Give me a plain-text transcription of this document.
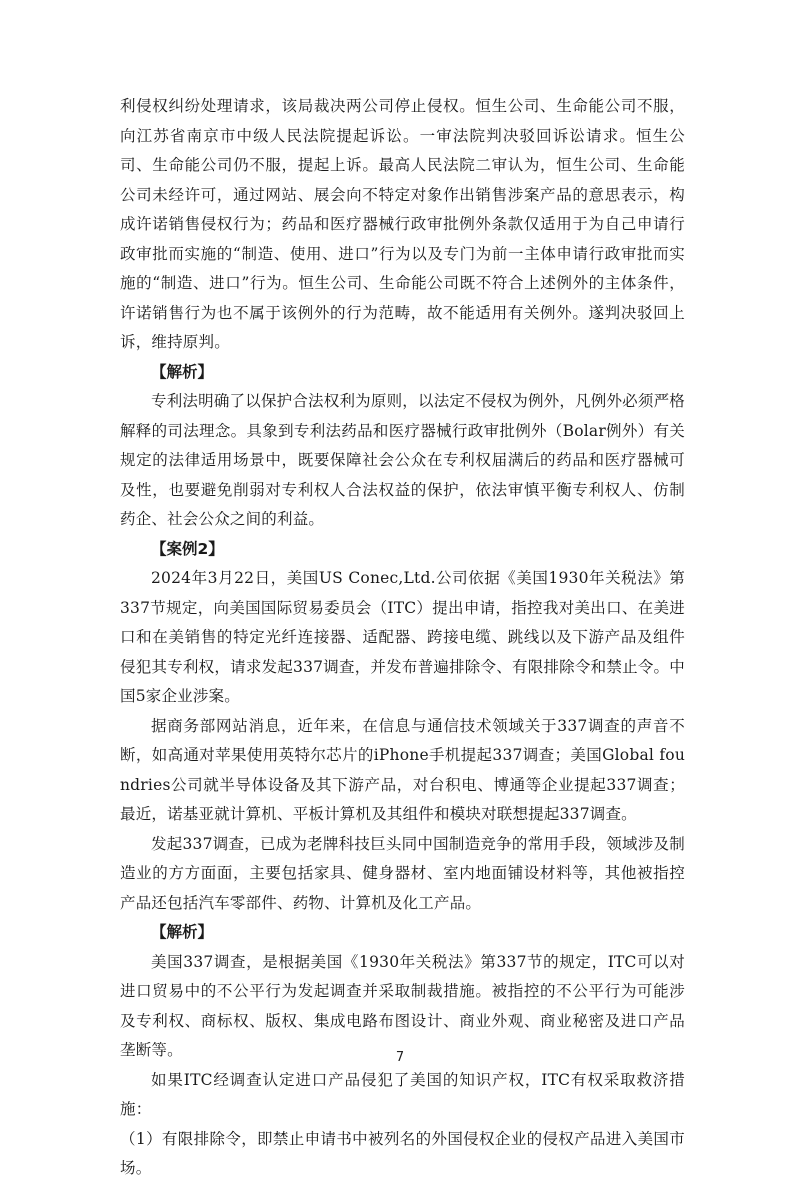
利侵权纠纷处理请求，该局裁决两公司停止侵权。恒生公司、生命能公司不服，向江苏省南京市中级人民法院提起诉讼。一审法院判决驳回诉讼请求。恒生公司、生命能公司仍不服，提起上诉。最高人民法院二审认为，恒生公司、生命能公司未经许可，通过网站、展会向不特定对象作出销售涉案产品的意思表示，构成许诺销售侵权行为；药品和医疗器械行政审批例外条款仅适用于为自己申请行政审批而实施的“制造、使用、进口”行为以及专门为前一主体申请行政审批而实施的“制造、进口”行为。恒生公司、生命能公司既不符合上述例外的主体条件，许诺销售行为也不属于该例外的行为范畴，故不能适用有关例外。遂判决驳回上诉，维持原判。

【解析】

专利法明确了以保护合法权利为原则，以法定不侵权为例外，凡例外必须严格解释的司法理念。具象到专利法药品和医疗器械行政审批例外（Bolar例外）有关规定的法律适用场景中，既要保障社会公众在专利权届满后的药品和医疗器械可及性，也要避免削弱对专利权人合法权益的保护，依法审慎平衡专利权人、仿制药企、社会公众之间的利益。

【案例2】

2024年3月22日，美国US Conec,Ltd.公司依据《美国1930年关税法》第337节规定，向美国国际贸易委员会（ITC）提出申请，指控我对美出口、在美进口和在美销售的特定光纤连接器、适配器、跨接电缆、跳线以及下游产品及组件侵犯其专利权，请求发起337调查，并发布普遍排除令、有限排除令和禁止令。中国5家企业涉案。

据商务部网站消息，近年来，在信息与通信技术领域关于337调查的声音不断，如高通对苹果使用英特尔芯片的iPhone手机提起337调查；美国Global foundries公司就半导体设备及其下游产品，对台积电、博通等企业提起337调查；最近，诺基亚就计算机、平板计算机及其组件和模块对联想提起337调查。

发起337调查，已成为老牌科技巨头同中国制造竞争的常用手段，领域涉及制造业的方方面面，主要包括家具、健身器材、室内地面铺设材料等，其他被指控产品还包括汽车零部件、药物、计算机及化工产品。

【解析】

美国337调查，是根据美国《1930年关税法》第337节的规定，ITC可以对进口贸易中的不公平行为发起调查并采取制裁措施。被指控的不公平行为可能涉及专利权、商标权、版权、集成电路布图设计、商业外观、商业秘密及进口产品垄断等。

如果ITC经调查认定进口产品侵犯了美国的知识产权，ITC有权采取救济措施：

（1）有限排除令，即禁止申请书中被列名的外国侵权企业的侵权产品进入美国市场。

7
